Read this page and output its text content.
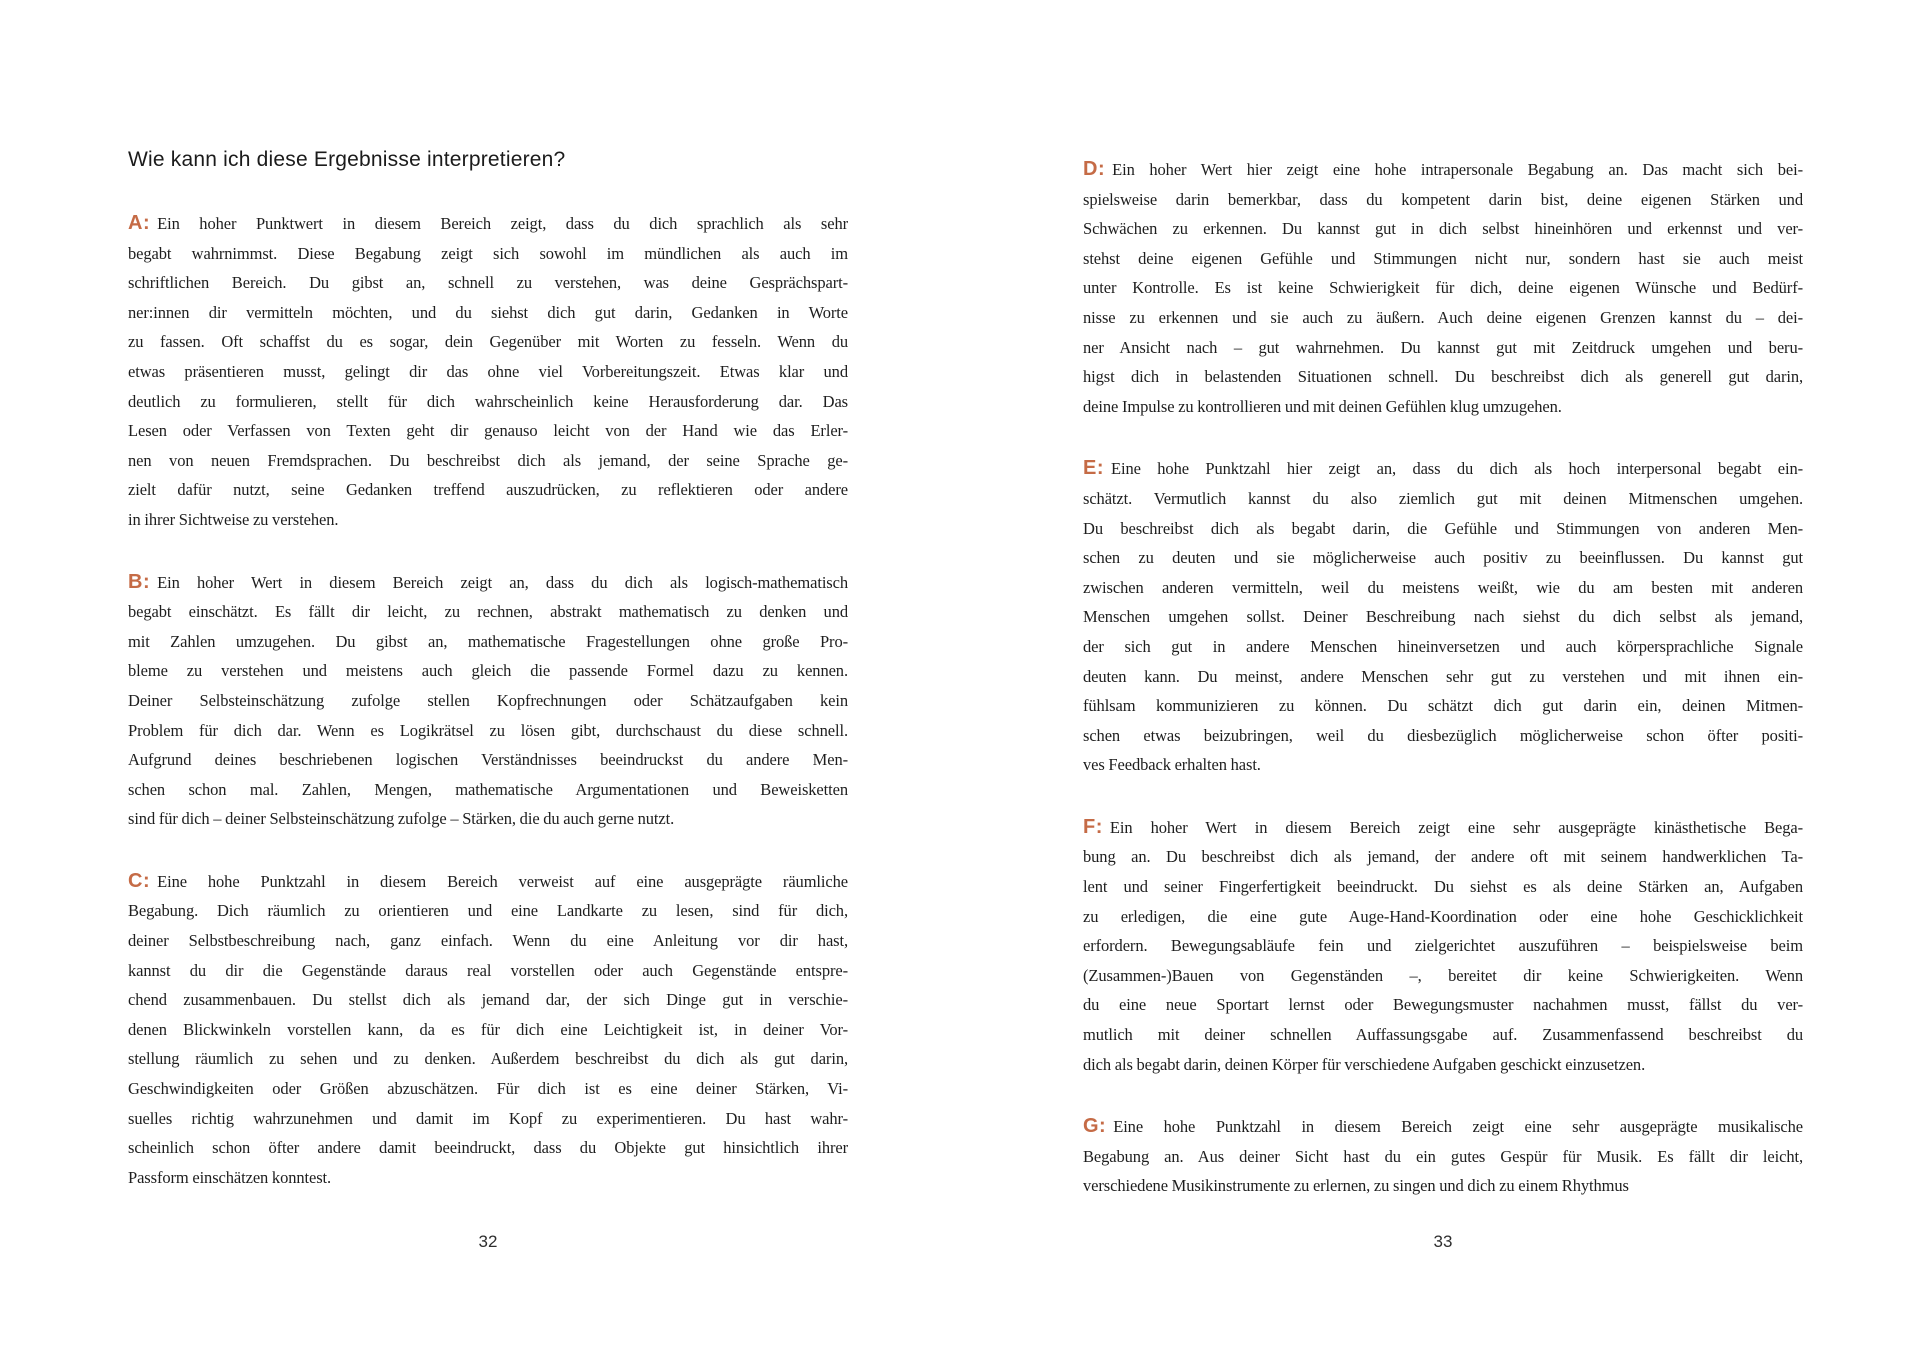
Wie kann ich diese Ergebnisse interpretieren?
A: Ein hoher Punktwert in diesem Bereich zeigt, dass du dich sprachlich als sehr
begabt wahrnimmst. Diese Begabung zeigt sich sowohl im mündlichen als auch im
schriftlichen Bereich. Du gibst an, schnell zu verstehen, was deine Gesprächspart-
ner:innen dir vermitteln möchten, und du siehst dich gut darin, Gedanken in Worte
zu fassen. Oft schaffst du es sogar, dein Gegenüber mit Worten zu fesseln. Wenn du
etwas präsentieren musst, gelingt dir das ohne viel Vorbereitungszeit. Etwas klar und
deutlich zu formulieren, stellt für dich wahrscheinlich keine Herausforderung dar. Das
Lesen oder Verfassen von Texten geht dir genauso leicht von der Hand wie das Erler-
nen von neuen Fremdsprachen. Du beschreibst dich als jemand, der seine Sprache ge-
zielt dafür nutzt, seine Gedanken treffend auszudrücken, zu reflektieren oder andere
in ihrer Sichtweise zu verstehen.
B: Ein hoher Wert in diesem Bereich zeigt an, dass du dich als logisch-mathematisch
begabt einschätzt. Es fällt dir leicht, zu rechnen, abstrakt mathematisch zu denken und
mit Zahlen umzugehen. Du gibst an, mathematische Fragestellungen ohne große Pro-
bleme zu verstehen und meistens auch gleich die passende Formel dazu zu kennen.
Deiner Selbsteinschätzung zufolge stellen Kopfrechnungen oder Schätzaufgaben kein
Problem für dich dar. Wenn es Logikrätsel zu lösen gibt, durchschaust du diese schnell.
Aufgrund deines beschriebenen logischen Verständnisses beeindruckst du andere Men-
schen schon mal. Zahlen, Mengen, mathematische Argumentationen und Beweisketten
sind für dich – deiner Selbsteinschätzung zufolge – Stärken, die du auch gerne nutzt.
C: Eine hohe Punktzahl in diesem Bereich verweist auf eine ausgeprägte räumliche
Begabung. Dich räumlich zu orientieren und eine Landkarte zu lesen, sind für dich,
deiner Selbstbeschreibung nach, ganz einfach. Wenn du eine Anleitung vor dir hast,
kannst du dir die Gegenstände daraus real vorstellen oder auch Gegenstände entspre-
chend zusammenbauen. Du stellst dich als jemand dar, der sich Dinge gut in verschie-
denen Blickwinkeln vorstellen kann, da es für dich eine Leichtigkeit ist, in deiner Vor-
stellung räumlich zu sehen und zu denken. Außerdem beschreibst du dich als gut darin,
Geschwindigkeiten oder Größen abzuschätzen. Für dich ist es eine deiner Stärken, Vi-
suelles richtig wahrzunehmen und damit im Kopf zu experimentieren. Du hast wahr-
scheinlich schon öfter andere damit beeindruckt, dass du Objekte gut hinsichtlich ihrer
Passform einschätzen konntest.
32
D: Ein hoher Wert hier zeigt eine hohe intrapersonale Begabung an. Das macht sich bei-
spielsweise darin bemerkbar, dass du kompetent darin bist, deine eigenen Stärken und
Schwächen zu erkennen. Du kannst gut in dich selbst hineinhören und erkennst und ver-
stehst deine eigenen Gefühle und Stimmungen nicht nur, sondern hast sie auch meist
unter Kontrolle. Es ist keine Schwierigkeit für dich, deine eigenen Wünsche und Bedürf-
nisse zu erkennen und sie auch zu äußern. Auch deine eigenen Grenzen kannst du – dei-
ner Ansicht nach – gut wahrnehmen. Du kannst gut mit Zeitdruck umgehen und beru-
higst dich in belastenden Situationen schnell. Du beschreibst dich als generell gut darin,
deine Impulse zu kontrollieren und mit deinen Gefühlen klug umzugehen.
E: Eine hohe Punktzahl hier zeigt an, dass du dich als hoch interpersonal begabt ein-
schätzt. Vermutlich kannst du also ziemlich gut mit deinen Mitmenschen umgehen.
Du beschreibst dich als begabt darin, die Gefühle und Stimmungen von anderen Men-
schen zu deuten und sie möglicherweise auch positiv zu beeinflussen. Du kannst gut
zwischen anderen vermitteln, weil du meistens weißt, wie du am besten mit anderen
Menschen umgehen sollst. Deiner Beschreibung nach siehst du dich selbst als jemand,
der sich gut in andere Menschen hineinversetzen und auch körpersprachliche Signale
deuten kann. Du meinst, andere Menschen sehr gut zu verstehen und mit ihnen ein-
fühlsam kommunizieren zu können. Du schätzt dich gut darin ein, deinen Mitmen-
schen etwas beizubringen, weil du diesbezüglich möglicherweise schon öfter positi-
ves Feedback erhalten hast.
F: Ein hoher Wert in diesem Bereich zeigt eine sehr ausgeprägte kinästhetische Bega-
bung an. Du beschreibst dich als jemand, der andere oft mit seinem handwerklichen Ta-
lent und seiner Fingerfertigkeit beeindruckt. Du siehst es als deine Stärken an, Aufgaben
zu erledigen, die eine gute Auge-Hand-Koordination oder eine hohe Geschicklichkeit
erfordern. Bewegungsabläufe fein und zielgerichtet auszuführen – beispielsweise beim
(Zusammen-)Bauen von Gegenständen –, bereitet dir keine Schwierigkeiten. Wenn
du eine neue Sportart lernst oder Bewegungsmuster nachahmen musst, fällst du ver-
mutlich mit deiner schnellen Auffassungsgabe auf. Zusammenfassend beschreibst du
dich als begabt darin, deinen Körper für verschiedene Aufgaben geschickt einzusetzen.
G: Eine hohe Punktzahl in diesem Bereich zeigt eine sehr ausgeprägte musikalische
Begabung an. Aus deiner Sicht hast du ein gutes Gespür für Musik. Es fällt dir leicht,
verschiedene Musikinstrumente zu erlernen, zu singen und dich zu einem Rhythmus
33
